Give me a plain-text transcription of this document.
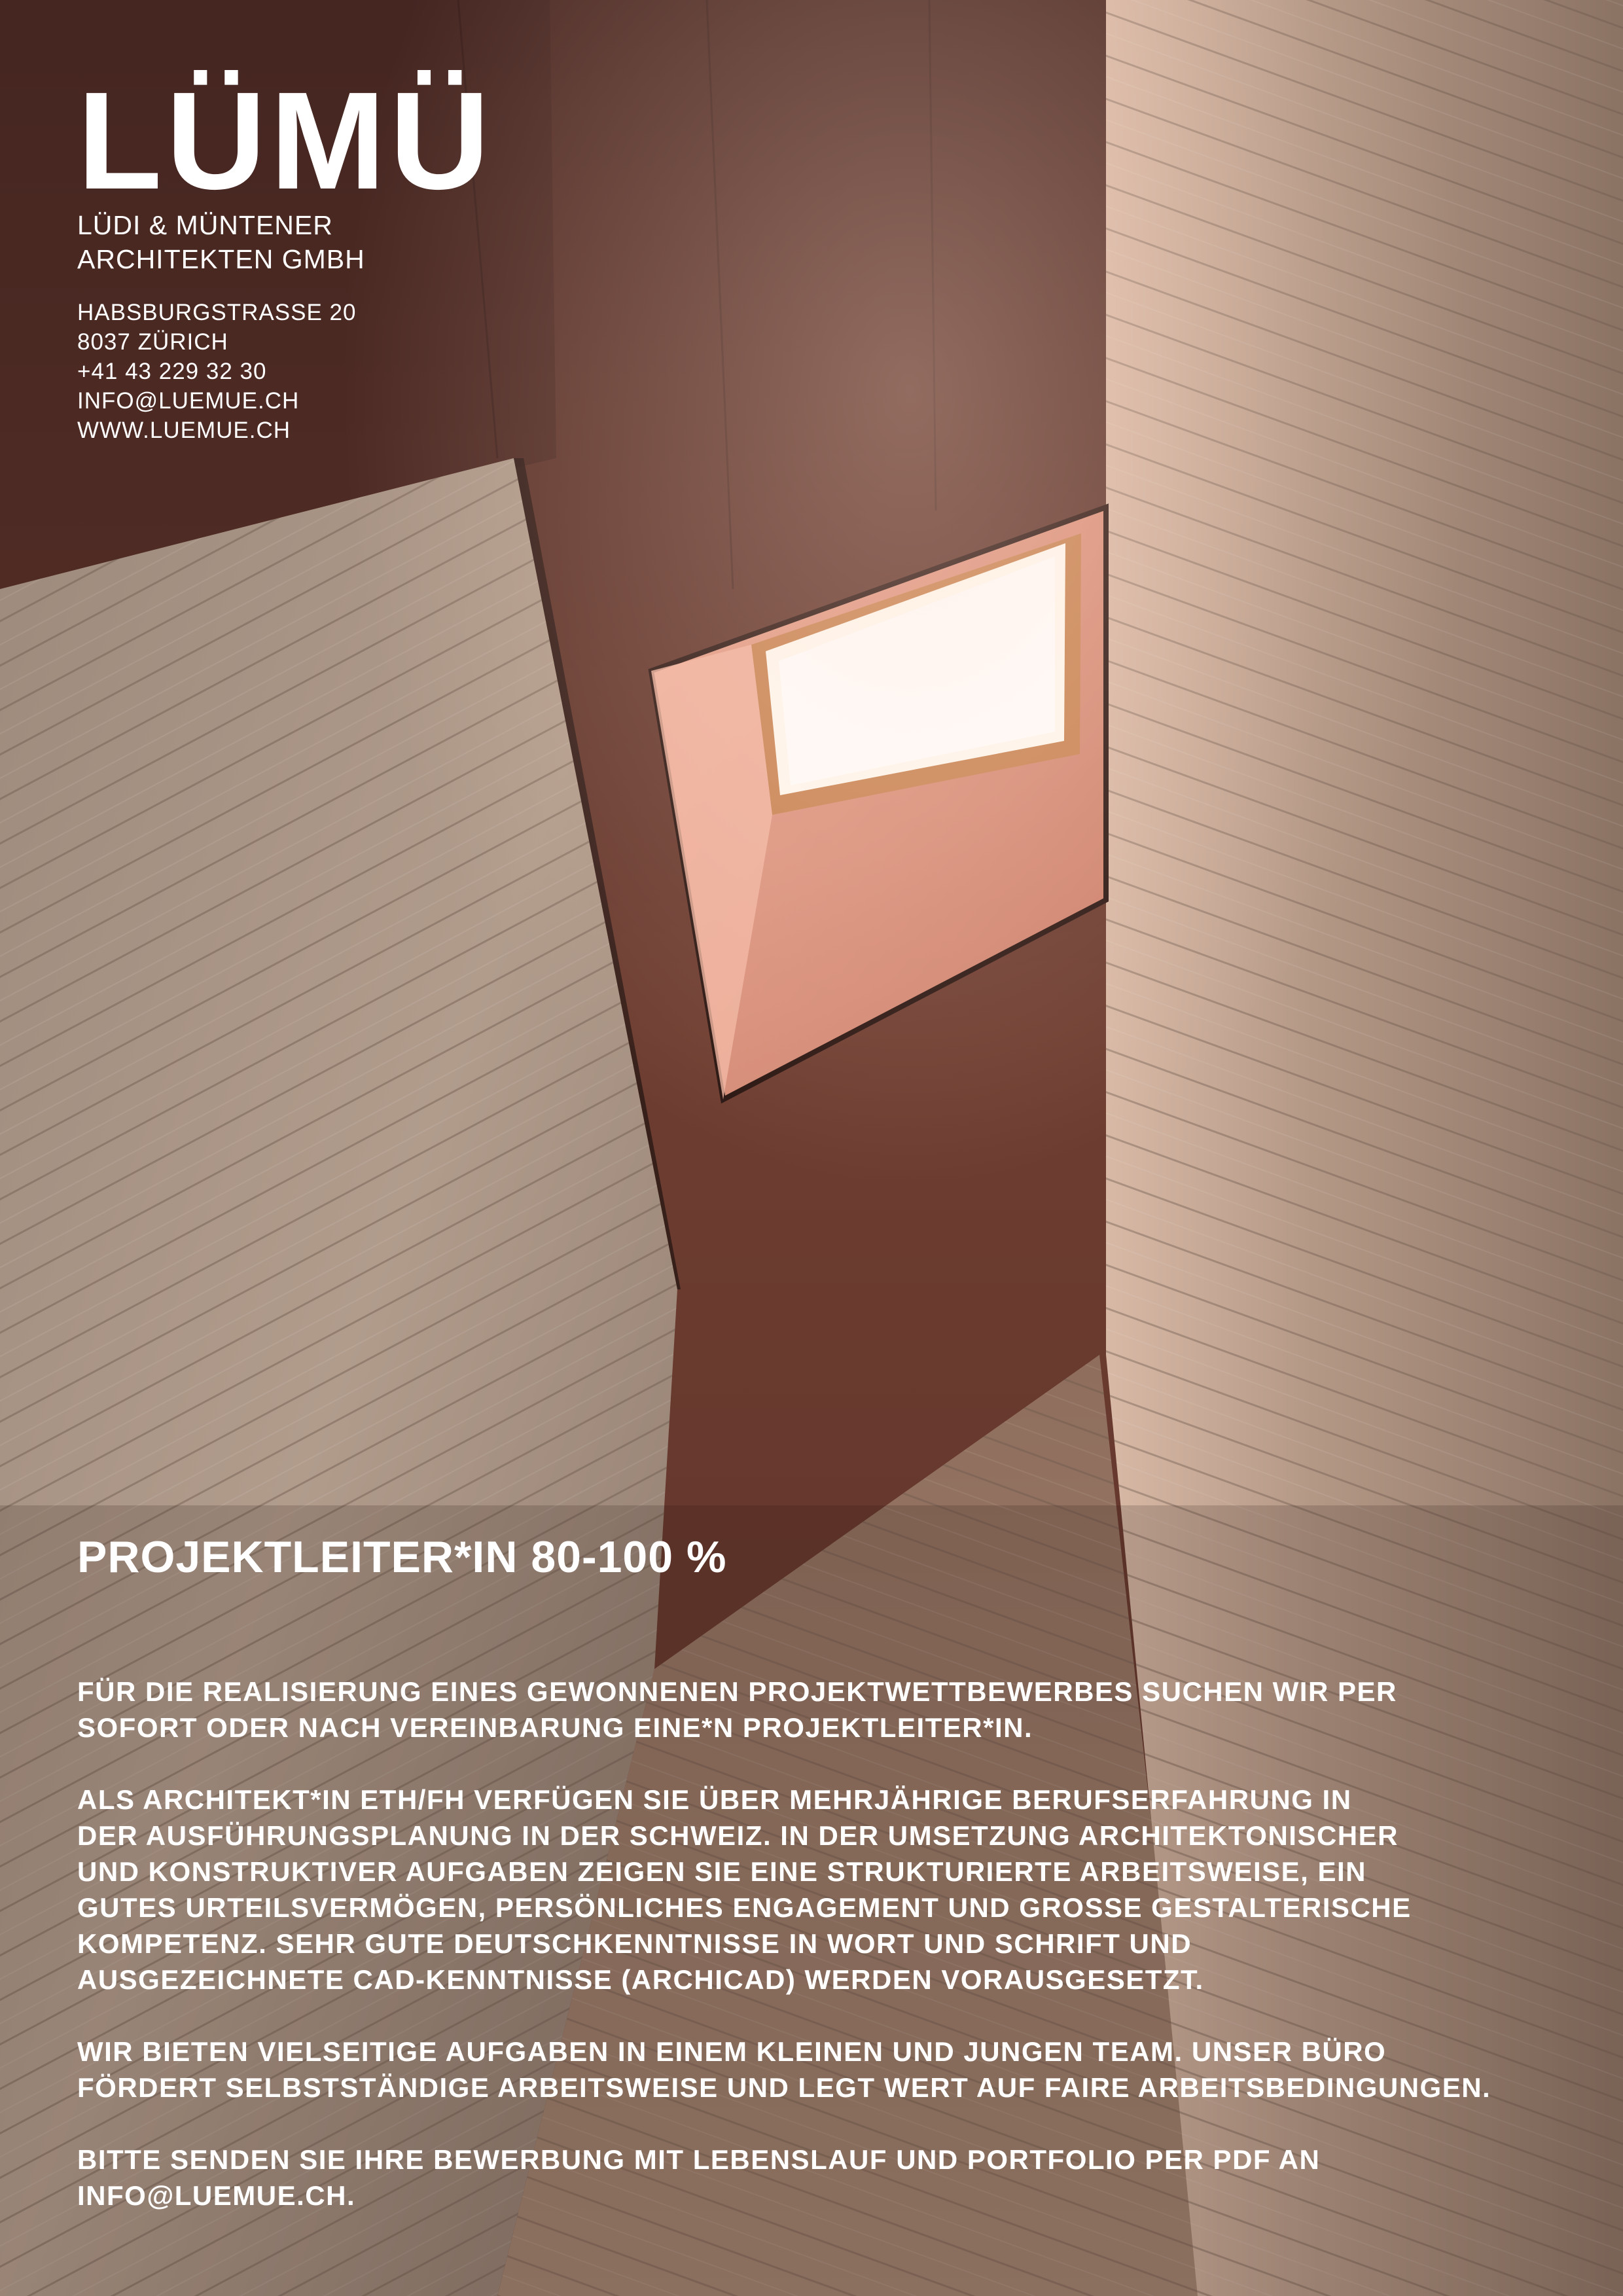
LÜMÜ
LÜDI & MÜNTENER
ARCHITEKTEN GMBH
HABSBURGSTRASSE 20
8037 ZÜRICH
+41 43 229 32 30
INFO@LUEMUE.CH
WWW.LUEMUE.CH
PROJEKTLEITER*IN 80-100 %

FÜR DIE REALISIERUNG EINES GEWONNENEN PROJEKTWETTBEWERBES SUCHEN WIR PER
SOFORT ODER NACH VEREINBARUNG EINE*N PROJEKTLEITER*IN.

ALS ARCHITEKT*IN ETH/FH VERFÜGEN SIE ÜBER MEHRJÄHRIGE BERUFSERFAHRUNG IN
DER AUSFÜHRUNGSPLANUNG IN DER SCHWEIZ. IN DER UMSETZUNG ARCHITEKTONISCHER
UND KONSTRUKTIVER AUFGABEN ZEIGEN SIE EINE STRUKTURIERTE ARBEITSWEISE, EIN
GUTES URTEILSVERMÖGEN, PERSÖNLICHES ENGAGEMENT UND GROSSE GESTALTERISCHE
KOMPETENZ. SEHR GUTE DEUTSCHKENNTNISSE IN WORT UND SCHRIFT UND
AUSGEZEICHNETE CAD-KENNTNISSE (ARCHICAD) WERDEN VORAUSGESETZT.

WIR BIETEN VIELSEITIGE AUFGABEN IN EINEM KLEINEN UND JUNGEN TEAM. UNSER BÜRO
FÖRDERT SELBSTSTÄNDIGE ARBEITSWEISE UND LEGT WERT AUF FAIRE ARBEITSBEDINGUNGEN.

BITTE SENDEN SIE IHRE BEWERBUNG MIT LEBENSLAUF UND PORTFOLIO PER PDF AN
INFO@LUEMUE.CH.
